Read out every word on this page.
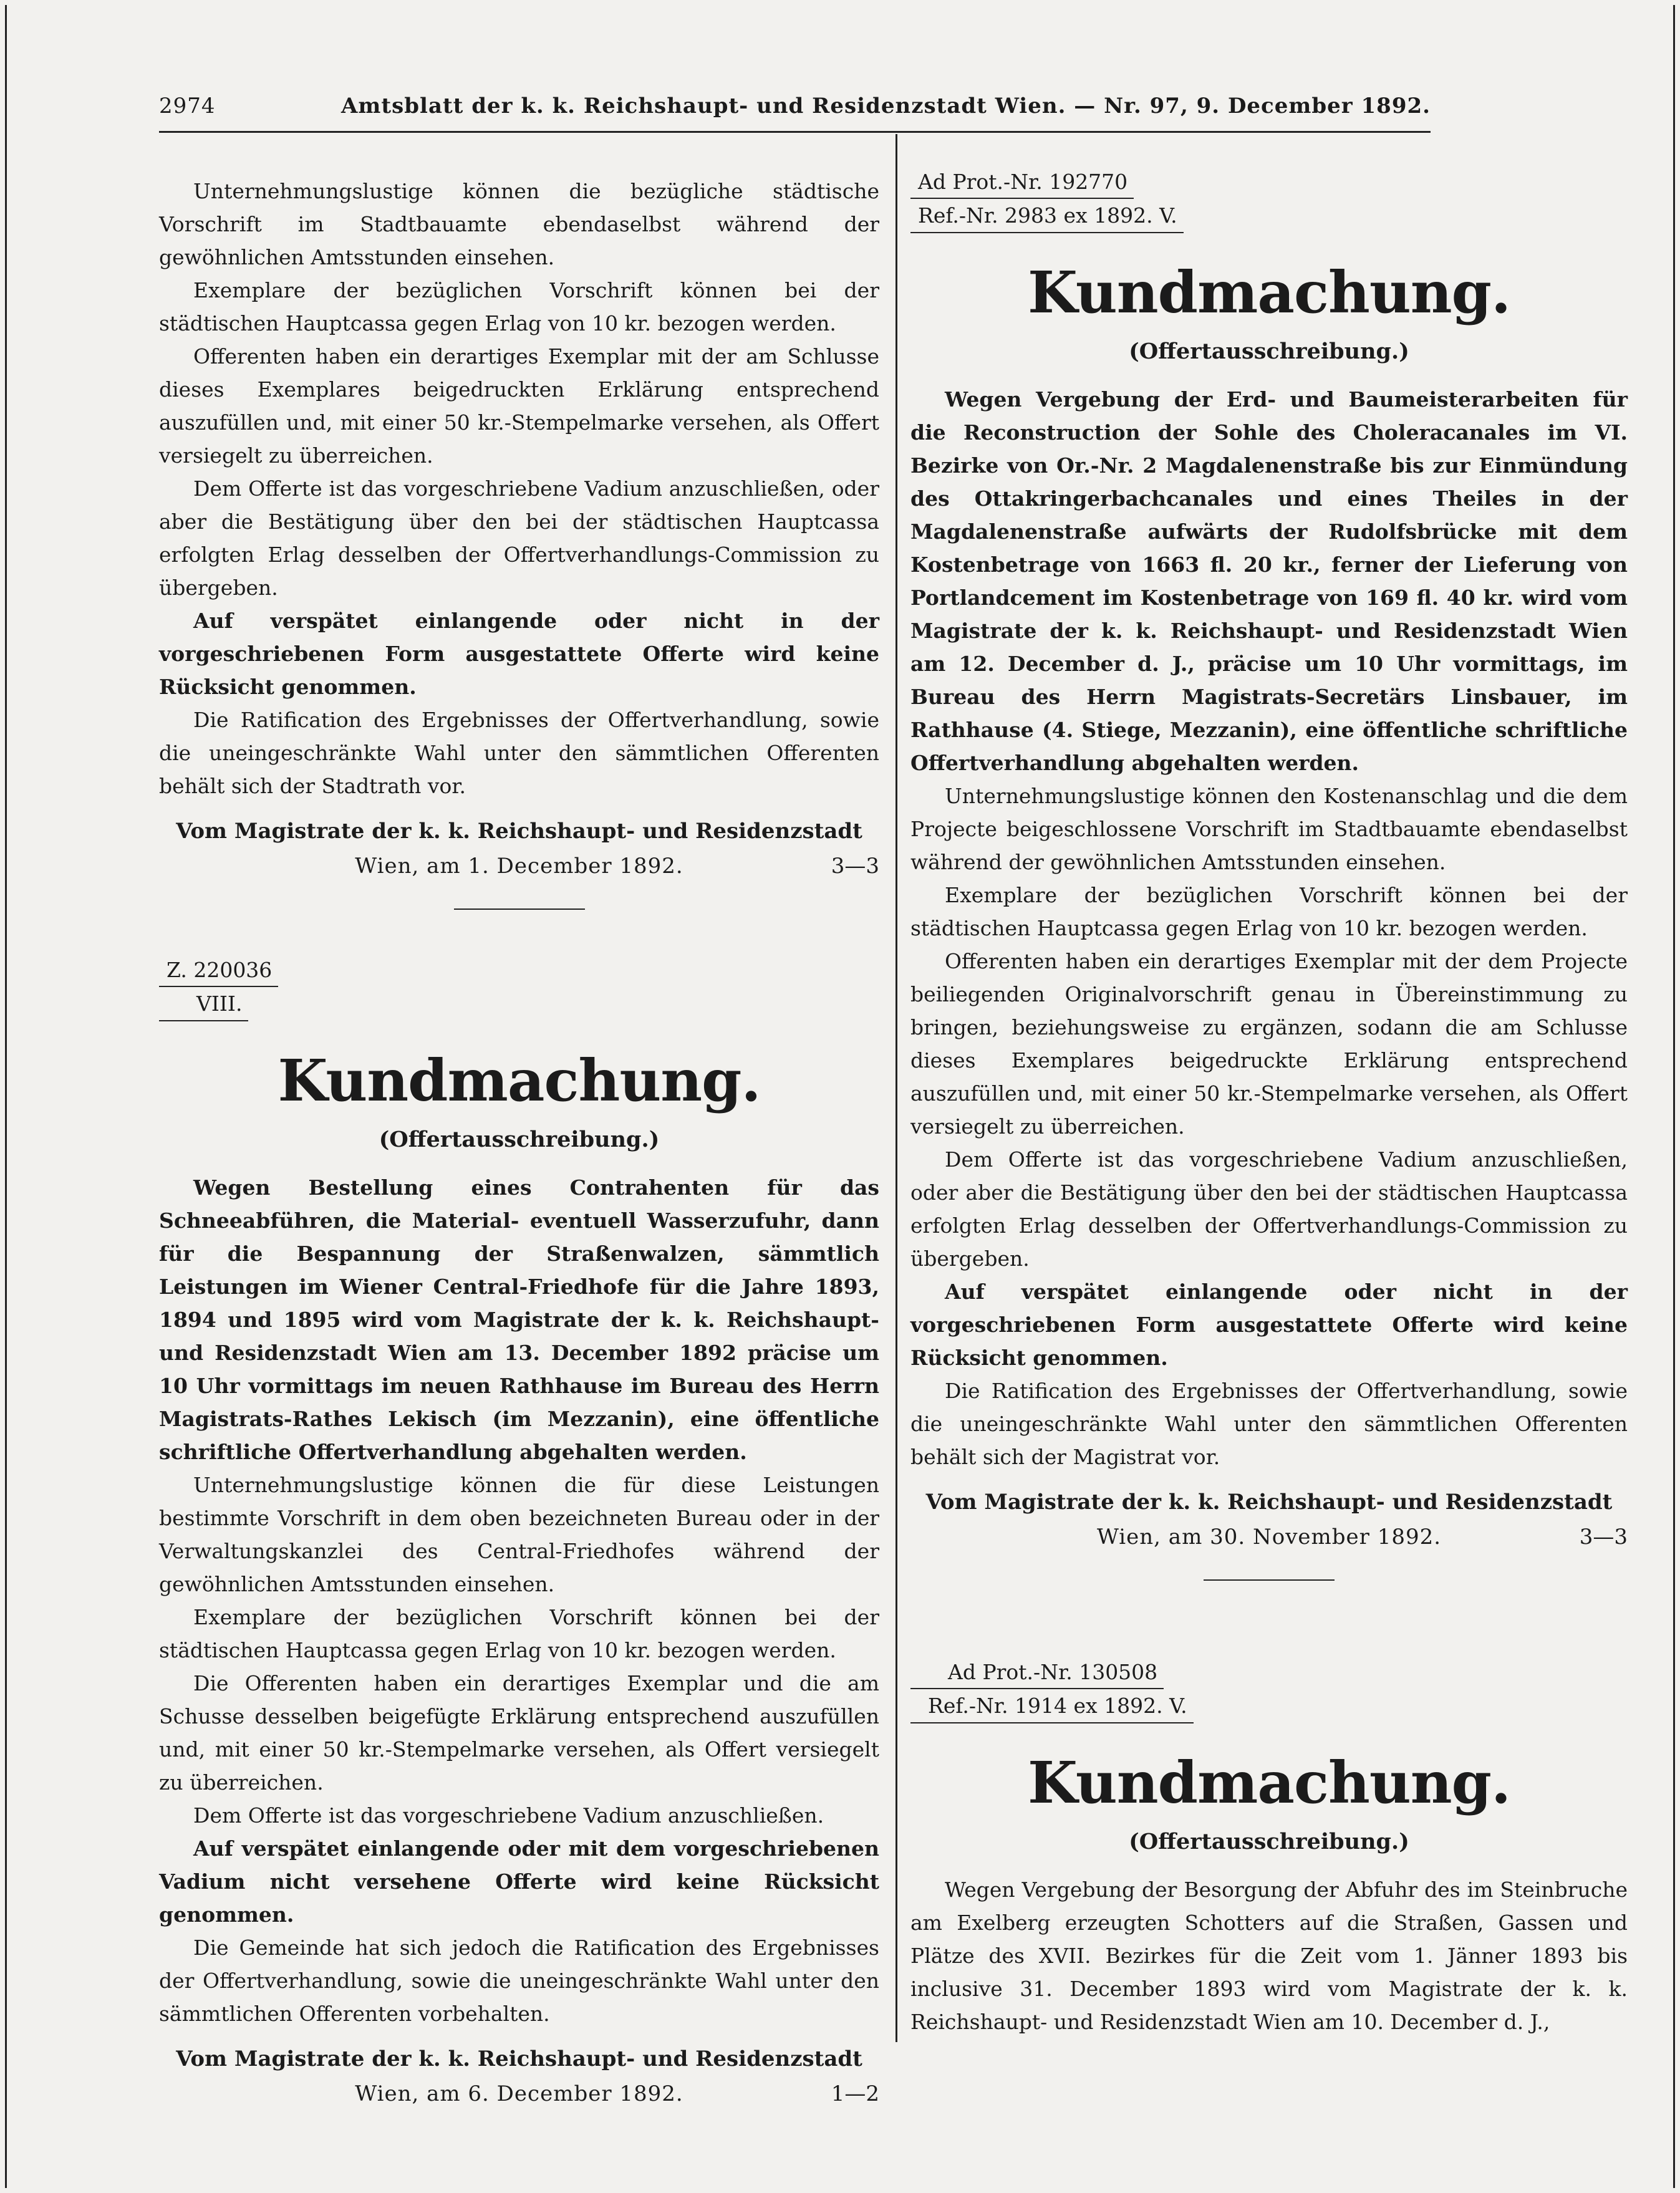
2974	Amtsblatt der k. k. Reichshaupt- und Residenzstadt Wien. — Nr. 97, 9. December 1892.

Unternehmungslustige können die bezügliche städtische Vorschrift im Stadtbauamte ebendaselbst während der gewöhnlichen Amtsstunden einsehen.

Exemplare der bezüglichen Vorschrift können bei der städtischen Hauptcassa gegen Erlag von 10 kr. bezogen werden.

Offerenten haben ein derartiges Exemplar mit der am Schlusse dieses Exemplares beigedruckten Erklärung entsprechend auszufüllen und, mit einer 50 kr.-Stempelmarke versehen, als Offert versiegelt zu überreichen.

Dem Offerte ist das vorgeschriebene Vadium anzuschließen, oder aber die Bestätigung über den bei der städtischen Hauptcassa erfolgten Erlag desselben der Offertverhandlungs-Commission zu übergeben.

Auf verspätet einlangende oder nicht in der vorgeschriebenen Form ausgestattete Offerte wird keine Rücksicht genommen.

Die Ratification des Ergebnisses der Offertverhandlung, sowie die uneingeschränkte Wahl unter den sämmtlichen Offerenten behält sich der Stadtrath vor.

Vom Magistrate der k. k. Reichshaupt- und Residenzstadt
Wien, am 1. December 1892.	3—3
Z. 220036
VIII.
Kundmachung.
(Offertausschreibung.)

Wegen Bestellung eines Contrahenten für das Schneeabführen, die Material- eventuell Wasserzufuhr, dann für die Bespannung der Straßenwalzen, sämmtlich Leistungen im Wiener Central-Friedhofe für die Jahre 1893, 1894 und 1895 wird vom Magistrate der k. k. Reichshaupt- und Residenzstadt Wien am 13. December 1892 präcise um 10 Uhr vormittags im neuen Rathhause im Bureau des Herrn Magistrats-Rathes Lekisch (im Mezzanin), eine öffentliche schriftliche Offertverhandlung abgehalten werden.

Unternehmungslustige können die für diese Leistungen bestimmte Vorschrift in dem oben bezeichneten Bureau oder in der Verwaltungskanzlei des Central-Friedhofes während der gewöhnlichen Amtsstunden einsehen.

Exemplare der bezüglichen Vorschrift können bei der städtischen Hauptcassa gegen Erlag von 10 kr. bezogen werden.

Die Offerenten haben ein derartiges Exemplar und die am Schusse desselben beigefügte Erklärung entsprechend auszufüllen und, mit einer 50 kr.-Stempelmarke versehen, als Offert versiegelt zu überreichen.

Dem Offerte ist das vorgeschriebene Vadium anzuschließen.

Auf verspätet einlangende oder mit dem vorgeschriebenen Vadium nicht versehene Offerte wird keine Rücksicht genommen.

Die Gemeinde hat sich jedoch die Ratification des Ergebnisses der Offertverhandlung, sowie die uneingeschränkte Wahl unter den sämmtlichen Offerenten vorbehalten.

Vom Magistrate der k. k. Reichshaupt- und Residenzstadt
Wien, am 6. December 1892.	1—2
Ad Prot.-Nr. 192770
Ref.-Nr. 2983 ex 1892. V.
Kundmachung.
(Offertausschreibung.)

Wegen Vergebung der Erd- und Baumeisterarbeiten für die Reconstruction der Sohle des Choleracanales im VI. Bezirke von Or.-Nr. 2 Magdalenenstraße bis zur Einmündung des Ottakringerbachcanales und eines Theiles in der Magdalenenstraße aufwärts der Rudolfsbrücke mit dem Kostenbetrage von 1663 fl. 20 kr., ferner der Lieferung von Portlandcement im Kostenbetrage von 169 fl. 40 kr. wird vom Magistrate der k. k. Reichshaupt- und Residenzstadt Wien am 12. December d. J., präcise um 10 Uhr vormittags, im Bureau des Herrn Magistrats-Secretärs Linsbauer, im Rathhause (4. Stiege, Mezzanin), eine öffentliche schriftliche Offertverhandlung abgehalten werden.

Unternehmungslustige können den Kostenanschlag und die dem Projecte beigeschlossene Vorschrift im Stadtbauamte ebendaselbst während der gewöhnlichen Amtsstunden einsehen.

Exemplare der bezüglichen Vorschrift können bei der städtischen Hauptcassa gegen Erlag von 10 kr. bezogen werden.

Offerenten haben ein derartiges Exemplar mit der dem Projecte beiliegenden Originalvorschrift genau in Übereinstimmung zu bringen, beziehungsweise zu ergänzen, sodann die am Schlusse dieses Exemplares beigedruckte Erklärung entsprechend auszufüllen und, mit einer 50 kr.-Stempelmarke versehen, als Offert versiegelt zu überreichen.

Dem Offerte ist das vorgeschriebene Vadium anzuschließen, oder aber die Bestätigung über den bei der städtischen Hauptcassa erfolgten Erlag desselben der Offertverhandlungs-Commission zu übergeben.

Auf verspätet einlangende oder nicht in der vorgeschriebenen Form ausgestattete Offerte wird keine Rücksicht genommen.

Die Ratification des Ergebnisses der Offertverhandlung, sowie die uneingeschränkte Wahl unter den sämmtlichen Offerenten behält sich der Magistrat vor.

Vom Magistrate der k. k. Reichshaupt- und Residenzstadt
Wien, am 30. November 1892.	3—3
Ad Prot.-Nr. 130508
Ref.-Nr. 1914 ex 1892. V.
Kundmachung.
(Offertausschreibung.)

Wegen Vergebung der Besorgung der Abfuhr des im Steinbruche am Exelberg erzeugten Schotters auf die Straßen, Gassen und Plätze des XVII. Bezirkes für die Zeit vom 1. Jänner 1893 bis inclusive 31. December 1893 wird vom Magistrate der k. k. Reichshaupt- und Residenzstadt Wien am 10. December d. J.,
